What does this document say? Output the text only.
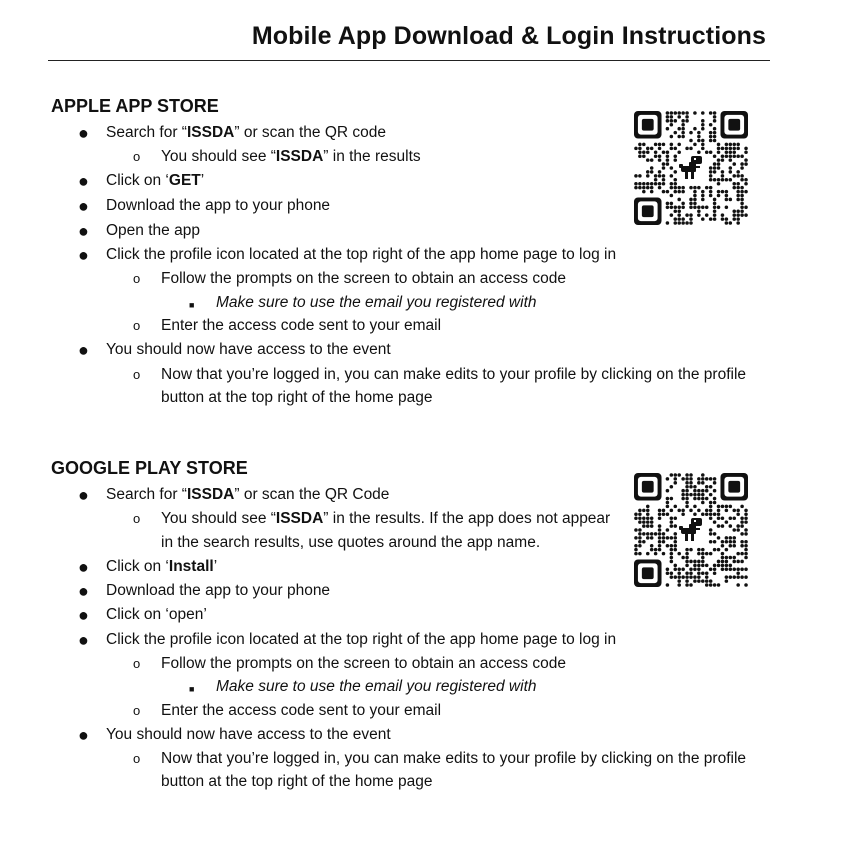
Mobile App Download & Login Instructions
APPLE APP STORE
● Search for “ISSDA” or scan the QR code
o You should see “ISSDA” in the results
● Click on ‘GET’
● Download the app to your phone
● Open the app
● Click the profile icon located at the top right of the app home page to log in
o Follow the prompts on the screen to obtain an access code
■ Make sure to use the email you registered with
o Enter the access code sent to your email
● You should now have access to the event
o Now that you’re logged in, you can make edits to your profile by clicking on the profile
button at the top right of the home page
GOOGLE PLAY STORE
● Search for “ISSDA” or scan the QR Code
o You should see “ISSDA” in the results. If the app does not appear
in the search results, use quotes around the app name.
● Click on ‘Install’
● Download the app to your phone
● Click on ‘open’
● Click the profile icon located at the top right of the app home page to log in
o Follow the prompts on the screen to obtain an access code
■ Make sure to use the email you registered with
o Enter the access code sent to your email
● You should now have access to the event
o Now that you’re logged in, you can make edits to your profile by clicking on the profile
button at the top right of the home page
